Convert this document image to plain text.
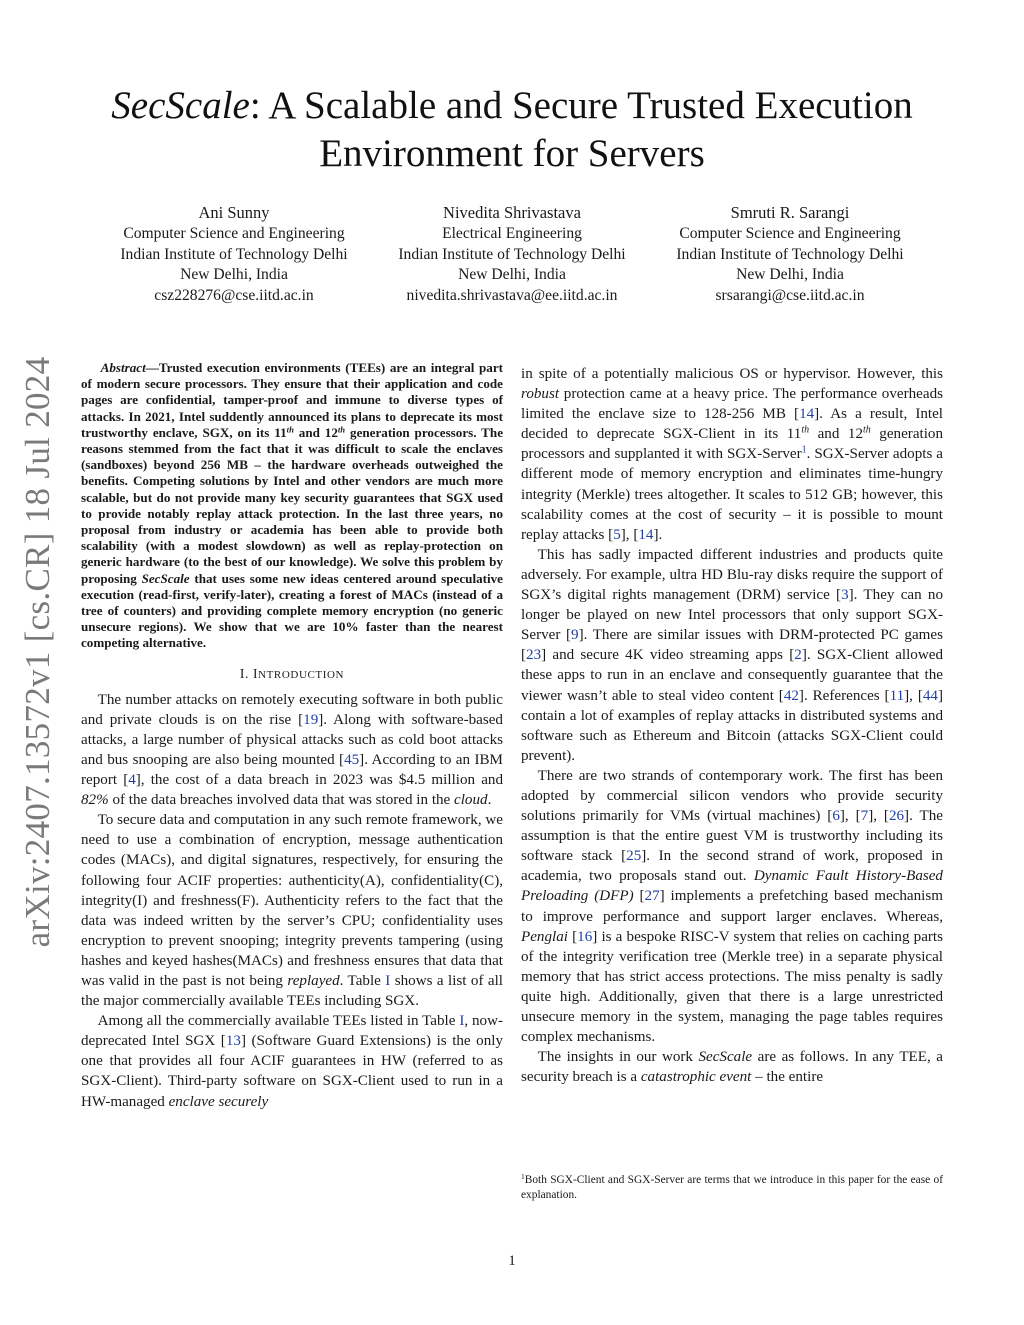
arXiv:2407.13572v1 [cs.CR] 18 Jul 2024
SecScale: A Scalable and Secure Trusted Execution Environment for Servers
Ani Sunny
Computer Science and Engineering
Indian Institute of Technology Delhi
New Delhi, India
csz228276@cse.iitd.ac.in
Nivedita Shrivastava
Electrical Engineering
Indian Institute of Technology Delhi
New Delhi, India
nivedita.shrivastava@ee.iitd.ac.in
Smruti R. Sarangi
Computer Science and Engineering
Indian Institute of Technology Delhi
New Delhi, India
srsarangi@cse.iitd.ac.in

Abstract—Trusted execution environments (TEEs) are an integral part of modern secure processors. They ensure that their application and code pages are confidential, tamper-proof and immune to diverse types of attacks. In 2021, Intel suddently announced its plans to deprecate its most trustworthy enclave, SGX, on its 11th and 12th generation processors. The reasons stemmed from the fact that it was difficult to scale the enclaves (sandboxes) beyond 256 MB – the hardware overheads outweighed the benefits. Competing solutions by Intel and other vendors are much more scalable, but do not provide many key security guarantees that SGX used to provide notably replay attack protection. In the last three years, no proposal from industry or academia has been able to provide both scalability (with a modest slowdown) as well as replay-protection on generic hardware (to the best of our knowledge). We solve this problem by proposing SecScale that uses some new ideas centered around speculative execution (read-first, verify-later), creating a forest of MACs (instead of a tree of counters) and providing complete memory encryption (no generic unsecure regions). We show that we are 10% faster than the nearest competing alternative.

I. INTRODUCTION

The number attacks on remotely executing software in both public and private clouds is on the rise [19]. Along with software-based attacks, a large number of physical attacks such as cold boot attacks and bus snooping are also being mounted [45]. According to an IBM report [4], the cost of a data breach in 2023 was $4.5 million and 82% of the data breaches involved data that was stored in the cloud.

To secure data and computation in any such remote framework, we need to use a combination of encryption, message authentication codes (MACs), and digital signatures, respectively, for ensuring the following four ACIF properties: authenticity(A), confidentiality(C), integrity(I) and freshness(F). Authenticity refers to the fact that the data was indeed written by the server’s CPU; confidentiality uses encryption to prevent snooping; integrity prevents tampering (using hashes and keyed hashes(MACs) and freshness ensures that data that was valid in the past is not being replayed. Table I shows a list of all the major commercially available TEEs including SGX.

Among all the commercially available TEEs listed in Table I, now-deprecated Intel SGX [13] (Software Guard Extensions) is the only one that provides all four ACIF guarantees in HW (referred to as SGX-Client). Third-party software on SGX-Client used to run in a HW-managed enclave securely

in spite of a potentially malicious OS or hypervisor. However, this robust protection came at a heavy price. The performance overheads limited the enclave size to 128-256 MB [14]. As a result, Intel decided to deprecate SGX-Client in its 11th and 12th generation processors and supplanted it with SGX-Server$^1$. SGX-Server adopts a different mode of memory encryption and eliminates time-hungry integrity (Merkle) trees altogether. It scales to 512 GB; however, this scalability comes at the cost of security – it is possible to mount replay attacks [5], [14].

This has sadly impacted different industries and products quite adversely. For example, ultra HD Blu-ray disks require the support of SGX’s digital rights management (DRM) service [3]. They can no longer be played on new Intel processors that only support SGX-Server [9]. There are similar issues with DRM-protected PC games [23] and secure 4K video streaming apps [2]. SGX-Client allowed these apps to run in an enclave and consequently guarantee that the viewer wasn’t able to steal video content [42]. References [11], [44] contain a lot of examples of replay attacks in distributed systems and software such as Ethereum and Bitcoin (attacks SGX-Client could prevent).

There are two strands of contemporary work. The first has been adopted by commercial silicon vendors who provide security solutions primarily for VMs (virtual machines) [6], [7], [26]. The assumption is that the entire guest VM is trustworthy including its software stack [25]. In the second strand of work, proposed in academia, two proposals stand out. Dynamic Fault History-Based Preloading (DFP) [27] implements a prefetching based mechanism to improve performance and support larger enclaves. Whereas, Penglai [16] is a bespoke RISC-V system that relies on caching parts of the integrity verification tree (Merkle tree) in a separate physical memory that has strict access protections. The miss penalty is sadly quite high. Additionally, given that there is a large unrestricted unsecure memory in the system, managing the page tables requires complex mechanisms.

The insights in our work SecScale are as follows. In any TEE, a security breach is a catastrophic event – the entire

$^1$Both SGX-Client and SGX-Server are terms that we introduce in this paper for the ease of explanation.

1
